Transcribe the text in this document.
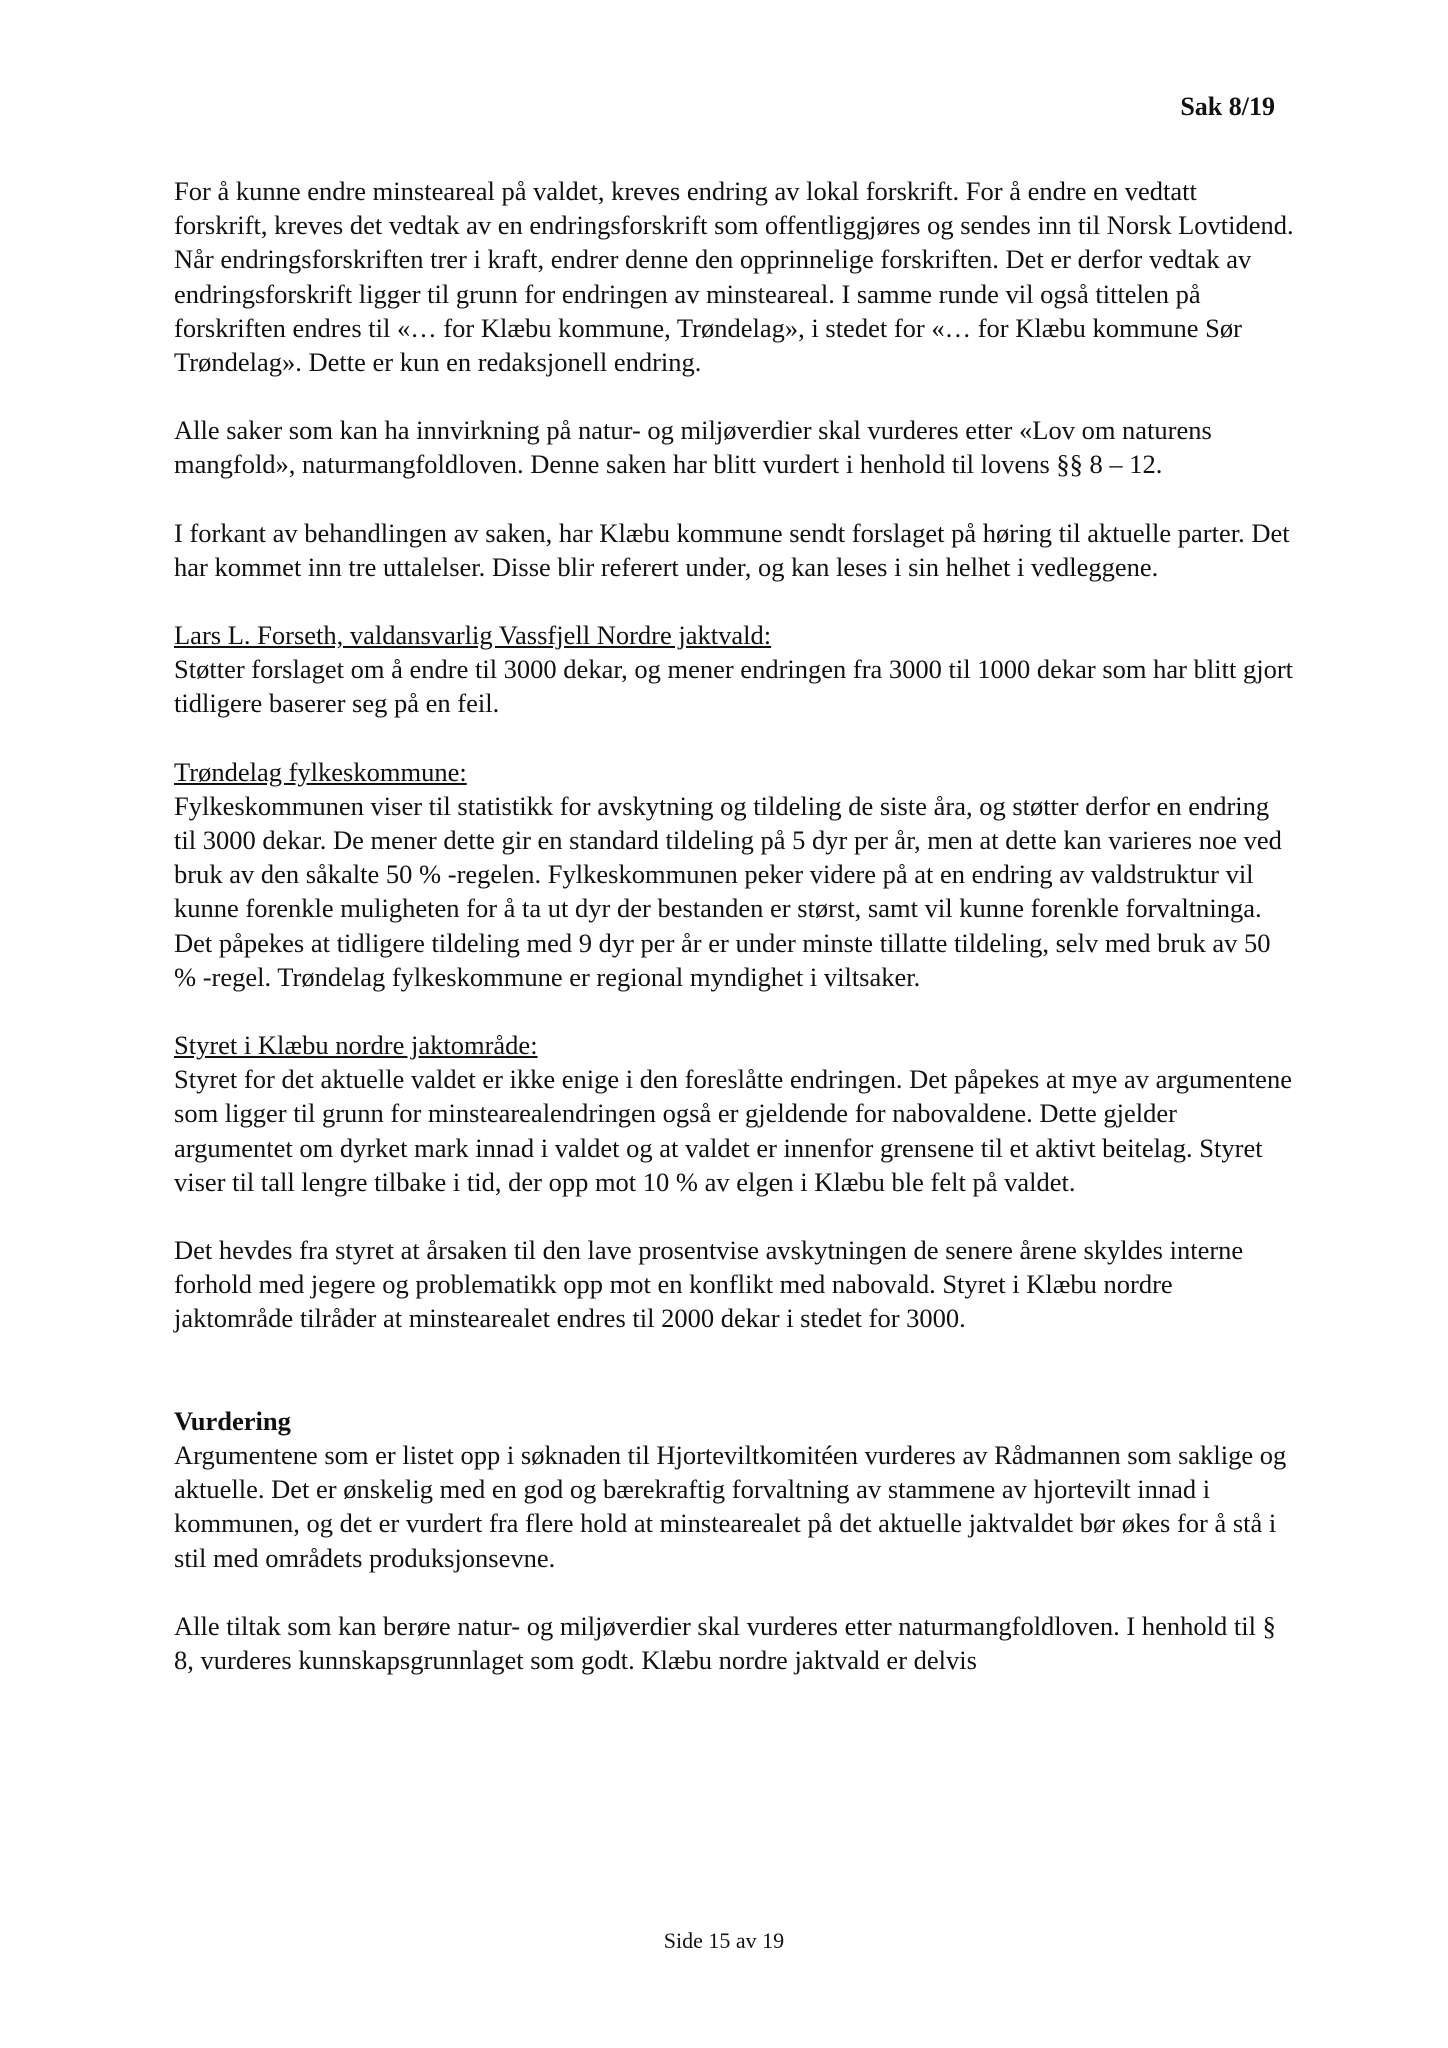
Sak 8/19

For å kunne endre minsteareal på valdet, kreves endring av lokal forskrift. For å endre en vedtatt forskrift, kreves det vedtak av en endringsforskrift som offentliggjøres og sendes inn til Norsk Lovtidend. Når endringsforskriften trer i kraft, endrer denne den opprinnelige forskriften. Det er derfor vedtak av endringsforskrift ligger til grunn for endringen av minsteareal. I samme runde vil også tittelen på forskriften endres til «… for Klæbu kommune, Trøndelag», i stedet for «… for Klæbu kommune Sør Trøndelag». Dette er kun en redaksjonell endring.

Alle saker som kan ha innvirkning på natur- og miljøverdier skal vurderes etter «Lov om naturens mangfold», naturmangfoldloven. Denne saken har blitt vurdert i henhold til lovens §§ 8 – 12.

I forkant av behandlingen av saken, har Klæbu kommune sendt forslaget på høring til aktuelle parter. Det har kommet inn tre uttalelser. Disse blir referert under, og kan leses i sin helhet i vedleggene.

Lars L. Forseth, valdansvarlig Vassfjell Nordre jaktvald:
Støtter forslaget om å endre til 3000 dekar, og mener endringen fra 3000 til 1000 dekar som har blitt gjort tidligere baserer seg på en feil.

Trøndelag fylkeskommune:
Fylkeskommunen viser til statistikk for avskytning og tildeling de siste åra, og støtter derfor en endring til 3000 dekar. De mener dette gir en standard tildeling på 5 dyr per år, men at dette kan varieres noe ved bruk av den såkalte 50 % -regelen. Fylkeskommunen peker videre på at en endring av valdstruktur vil kunne forenkle muligheten for å ta ut dyr der bestanden er størst, samt vil kunne forenkle forvaltninga. Det påpekes at tidligere tildeling med 9 dyr per år er under minste tillatte tildeling, selv med bruk av 50 % -regel. Trøndelag fylkeskommune er regional myndighet i viltsaker.

Styret i Klæbu nordre jaktområde:
Styret for det aktuelle valdet er ikke enige i den foreslåtte endringen. Det påpekes at mye av argumentene som ligger til grunn for minstearealendringen også er gjeldende for nabovaldene. Dette gjelder argumentet om dyrket mark innad i valdet og at valdet er innenfor grensene til et aktivt beitelag. Styret viser til tall lengre tilbake i tid, der opp mot 10 % av elgen i Klæbu ble felt på valdet.

Det hevdes fra styret at årsaken til den lave prosentvise avskytningen de senere årene skyldes interne forhold med jegere og problematikk opp mot en konflikt med nabovald. Styret i Klæbu nordre jaktområde tilråder at minstearealet endres til 2000 dekar i stedet for 3000.

Vurdering
Argumentene som er listet opp i søknaden til Hjorteviltkomitéen vurderes av Rådmannen som saklige og aktuelle. Det er ønskelig med en god og bærekraftig forvaltning av stammene av hjortevilt innad i kommunen, og det er vurdert fra flere hold at minstearealet på det aktuelle jaktvaldet bør økes for å stå i stil med områdets produksjonsevne.

Alle tiltak som kan berøre natur- og miljøverdier skal vurderes etter naturmangfoldloven. I henhold til § 8, vurderes kunnskapsgrunnlaget som godt. Klæbu nordre jaktvald er delvis

Side 15 av 19
